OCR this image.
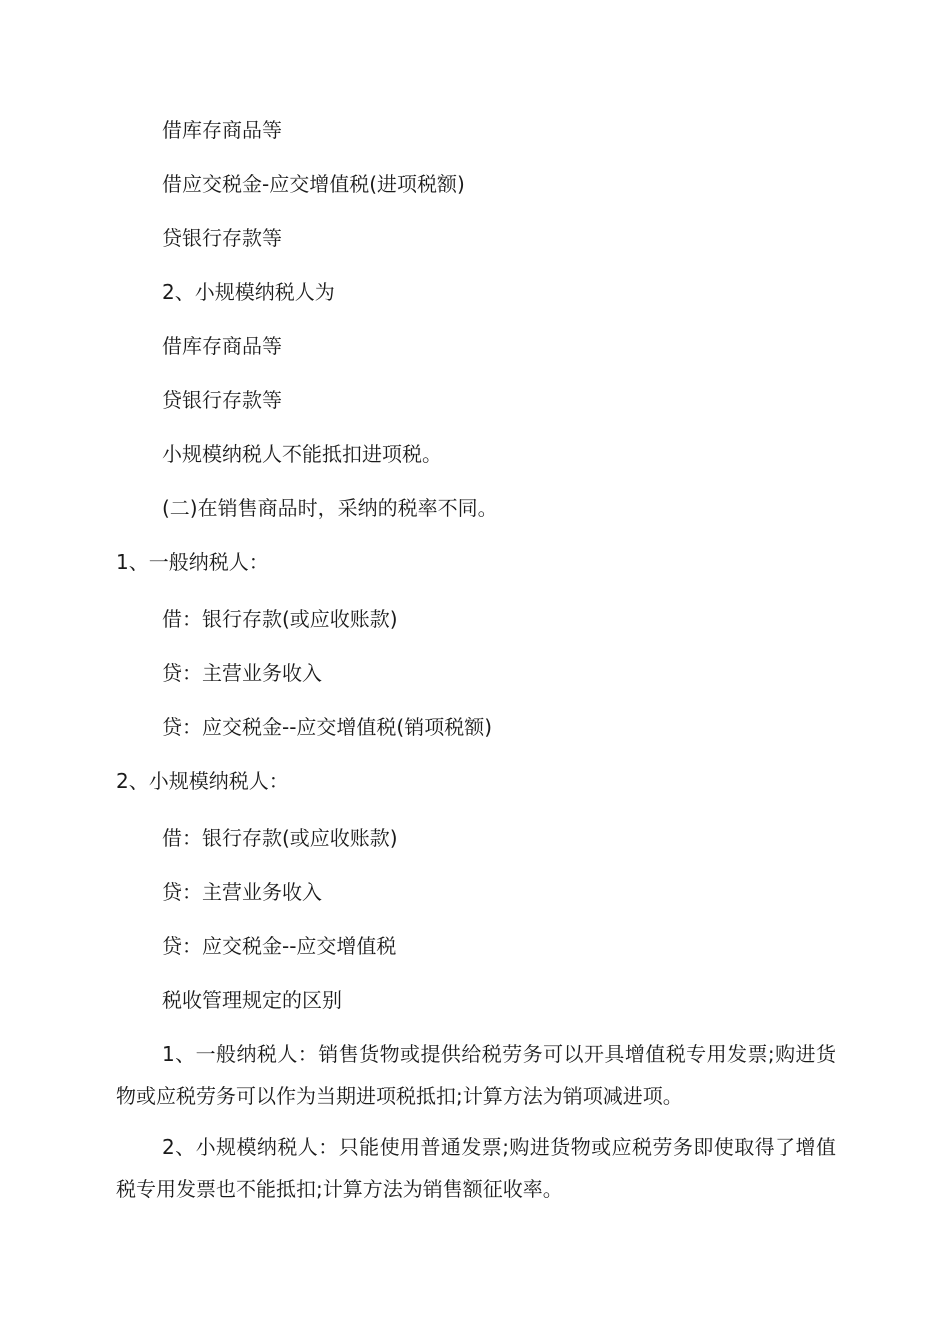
借库存商品等

借应交税金-应交增值税(进项税额)

贷银行存款等

2、小规模纳税人为

借库存商品等

贷银行存款等

小规模纳税人不能抵扣进项税。

(二)在销售商品时，采纳的税率不同。

1、一般纳税人：

借：银行存款(或应收账款)

贷：主营业务收入

贷：应交税金--应交增值税(销项税额)

2、小规模纳税人：

借：银行存款(或应收账款)

贷：主营业务收入

贷：应交税金--应交增值税

税收管理规定的区别

1、一般纳税人：销售货物或提供给税劳务可以开具增值税专用发票;购进货物或应税劳务可以作为当期进项税抵扣;计算方法为销项减进项。

2、小规模纳税人：只能使用普通发票;购进货物或应税劳务即使取得了增值税专用发票也不能抵扣;计算方法为销售额征收率。
